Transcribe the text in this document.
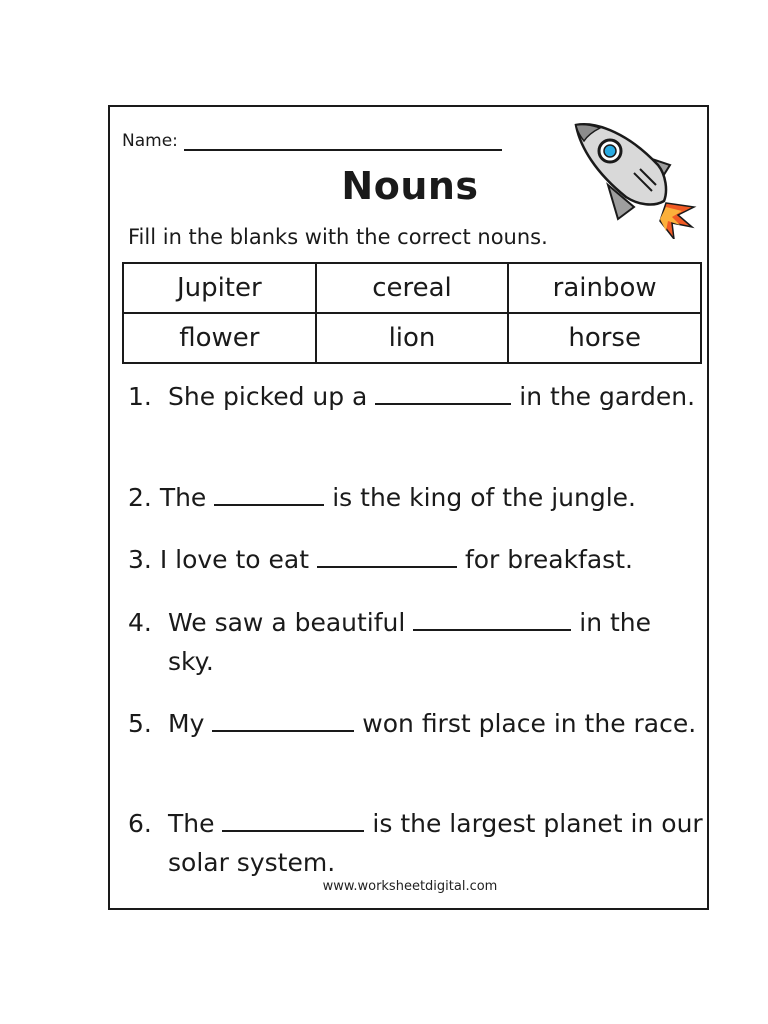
Name:
Nouns
Fill in the blanks with the correct nouns.
Jupiter	cereal	rainbow
flower	lion	horse
1. She picked up a	in the garden.
2. The	is the king of the jungle.
3. I love to eat	for breakfast.
4. We saw a beautiful	in the sky.
5. My	won first place in the race.
6. The	is the largest planet in our solar system.
www.worksheetdigital.com
